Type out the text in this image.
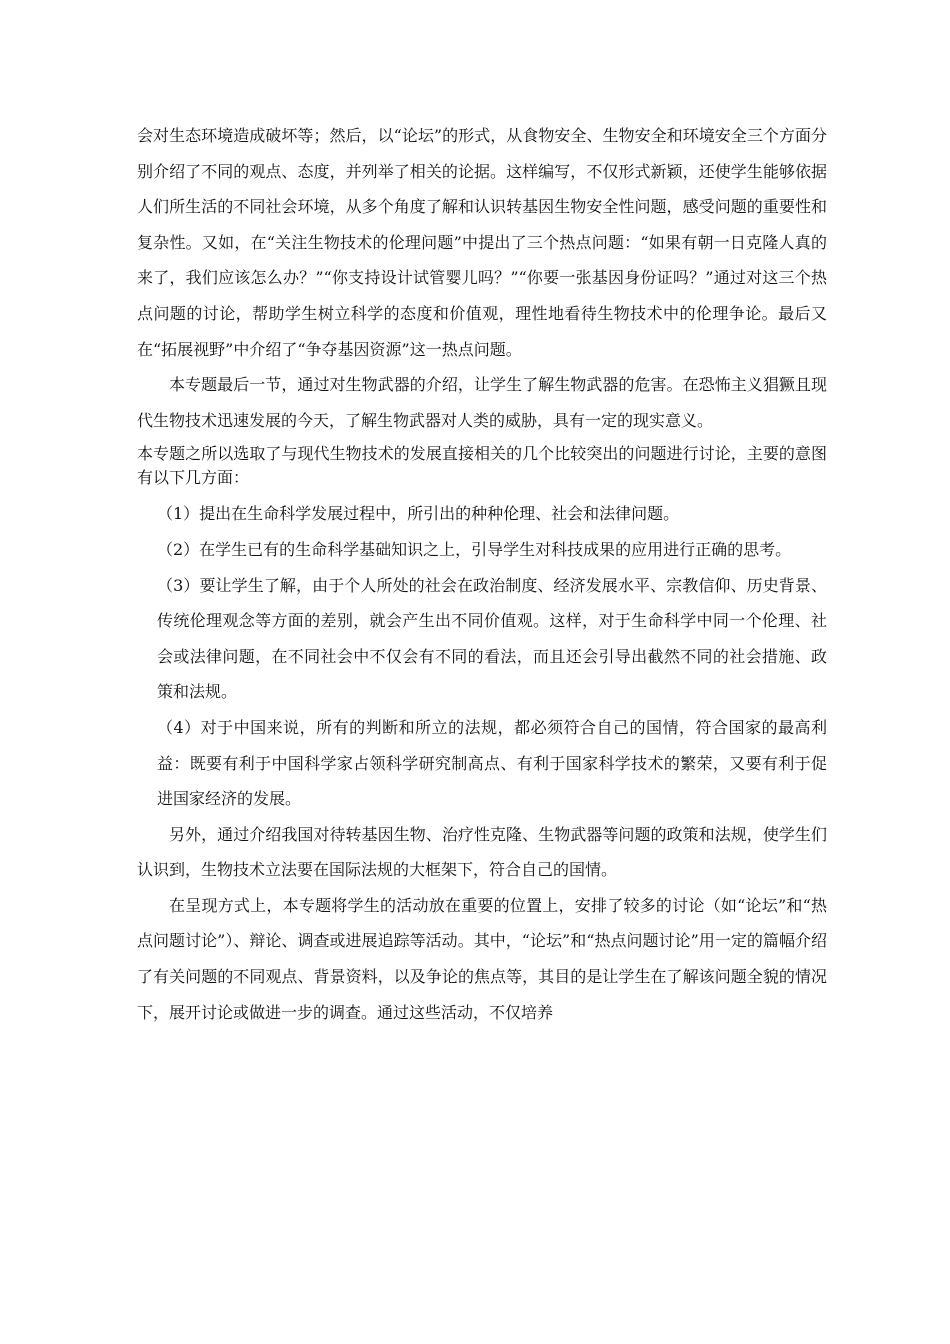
会对生态环境造成破坏等；然后，以“论坛”的形式，从食物安全、生物安全和环境安全三个方面分别介绍了不同的观点、态度，并列举了相关的论据。这样编写，不仅形式新颖，还使学生能够依据人们所生活的不同社会环境，从多个角度了解和认识转基因生物安全性问题，感受问题的重要性和复杂性。又如，在“关注生物技术的伦理问题”中提出了三个热点问题：“如果有朝一日克隆人真的来了，我们应该怎么办？”“你支持设计试管婴儿吗？”“你要一张基因身份证吗？”通过对这三个热点问题的讨论，帮助学生树立科学的态度和价值观，理性地看待生物技术中的伦理争论。最后又在“拓展视野”中介绍了“争夺基因资源”这一热点问题。

本专题最后一节，通过对生物武器的介绍，让学生了解生物武器的危害。在恐怖主义猖獗且现代生物技术迅速发展的今天，了解生物武器对人类的威胁，具有一定的现实意义。

本专题之所以选取了与现代生物技术的发展直接相关的几个比较突出的问题进行讨论，主要的意图有以下几方面：

（1）提出在生命科学发展过程中，所引出的种种伦理、社会和法律问题。

（2）在学生已有的生命科学基础知识之上，引导学生对科技成果的应用进行正确的思考。

（3）要让学生了解，由于个人所处的社会在政治制度、经济发展水平、宗教信仰、历史背景、传统伦理观念等方面的差别，就会产生出不同价值观。这样，对于生命科学中同一个伦理、社会或法律问题，在不同社会中不仅会有不同的看法，而且还会引导出截然不同的社会措施、政策和法规。

（4）对于中国来说，所有的判断和所立的法规，都必须符合自己的国情，符合国家的最高利益：既要有利于中国科学家占领科学研究制高点、有利于国家科学技术的繁荣，又要有利于促进国家经济的发展。

另外，通过介绍我国对待转基因生物、治疗性克隆、生物武器等问题的政策和法规，使学生们认识到，生物技术立法要在国际法规的大框架下，符合自己的国情。

在呈现方式上，本专题将学生的活动放在重要的位置上，安排了较多的讨论（如“论坛”和“热点问题讨论”）、辩论、调查或进展追踪等活动。其中，“论坛”和“热点问题讨论”用一定的篇幅介绍了有关问题的不同观点、背景资料，以及争论的焦点等，其目的是让学生在了解该问题全貌的情况下，展开讨论或做进一步的调查。通过这些活动，不仅培养
